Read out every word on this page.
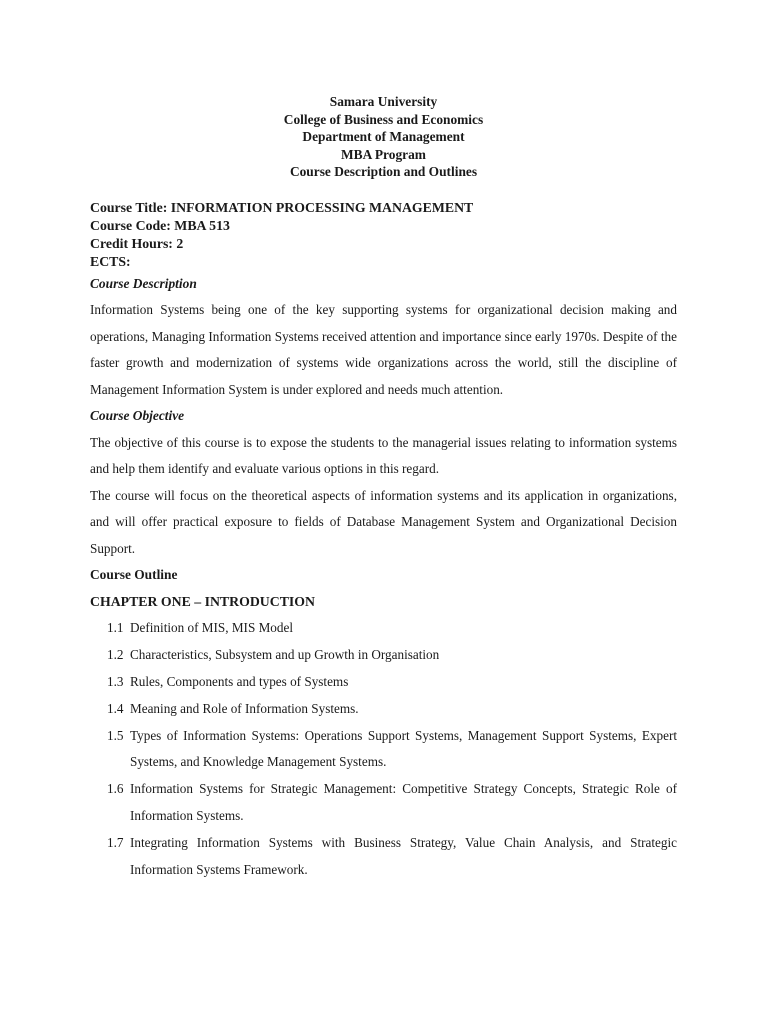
Samara University
College of Business and Economics
Department of Management
MBA Program
Course Description and Outlines
Course Title: INFORMATION PROCESSING MANAGEMENT
Course Code: MBA 513
Credit Hours: 2
ECTS:
Course Description

Information Systems being one of the key supporting systems for organizational decision making and operations, Managing Information Systems received attention and importance since early 1970s. Despite of the faster growth and modernization of systems wide organizations across the world, still the discipline of Management Information System is under explored and needs much attention.

Course Objective

The objective of this course is to expose the students to the managerial issues relating to information systems and help them identify and evaluate various options in this regard.

The course will focus on the theoretical aspects of information systems and its application in organizations, and will offer practical exposure to fields of Database Management System and Organizational Decision Support.

Course Outline
CHAPTER ONE – INTRODUCTION
1.1 Definition of MIS, MIS Model
1.2 Characteristics, Subsystem and up Growth in Organisation
1.3 Rules, Components and types of Systems
1.4 Meaning and Role of Information Systems.
1.5 Types of Information Systems: Operations Support Systems, Management Support Systems, Expert Systems, and Knowledge Management Systems.
1.6 Information Systems for Strategic Management: Competitive Strategy Concepts, Strategic Role of Information Systems.
1.7 Integrating Information Systems with Business Strategy, Value Chain Analysis, and Strategic Information Systems Framework.
